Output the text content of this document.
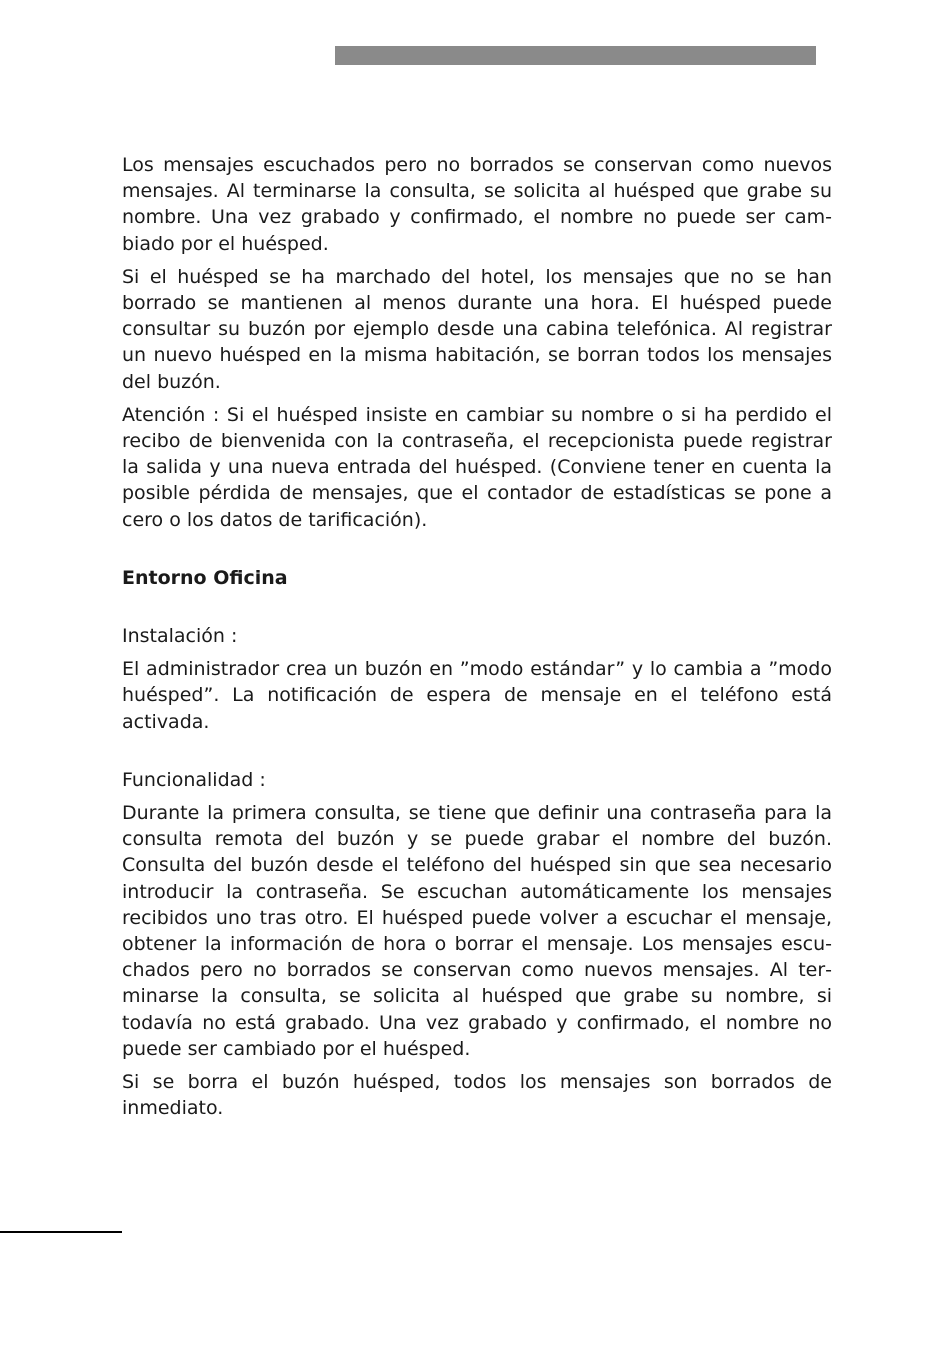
Los mensajes escuchados pero no borrados se conservan como nuevos mensajes. Al terminarse la consulta, se solicita al huésped que grabe su nombre. Una vez grabado y confirmado, el nombre no puede ser cambiado por el huésped.

Si el huésped se ha marchado del hotel, los mensajes que no se han borrado se mantienen al menos durante una hora. El huésped puede consultar su buzón por ejemplo desde una cabina telefónica. Al registrar un nuevo huésped en la misma habitación, se borran todos los mensajes del buzón.

Atención : Si el huésped insiste en cambiar su nombre o si ha perdido el recibo de bienvenida con la contraseña, el recepcionista puede registrar la salida y una nueva entrada del huésped. (Conviene tener en cuenta la posible pérdida de mensajes, que el contador de estadísticas se pone a cero o los datos de tarificación).

Entorno Oficina

Instalación :

El administrador crea un buzón en ”modo estándar” y lo cambia a ”modo huésped”. La notificación de espera de mensaje en el teléfono está activada.

Funcionalidad :

Durante la primera consulta, se tiene que definir una contraseña para la consulta remota del buzón y se puede grabar el nombre del buzón. Consulta del buzón desde el teléfono del huésped sin que sea necesario introducir la contraseña. Se escuchan automáticamente los mensajes recibidos uno tras otro. El huésped puede volver a escuchar el mensaje, obtener la información de hora o borrar el mensaje. Los mensajes escuchados pero no borrados se conservan como nuevos mensajes. Al terminarse la consulta, se solicita al huésped que grabe su nombre, si todavía no está grabado. Una vez grabado y confirmado, el nombre no puede ser cambiado por el huésped.

Si se borra el buzón huésped, todos los mensajes son borrados de inmediato.
